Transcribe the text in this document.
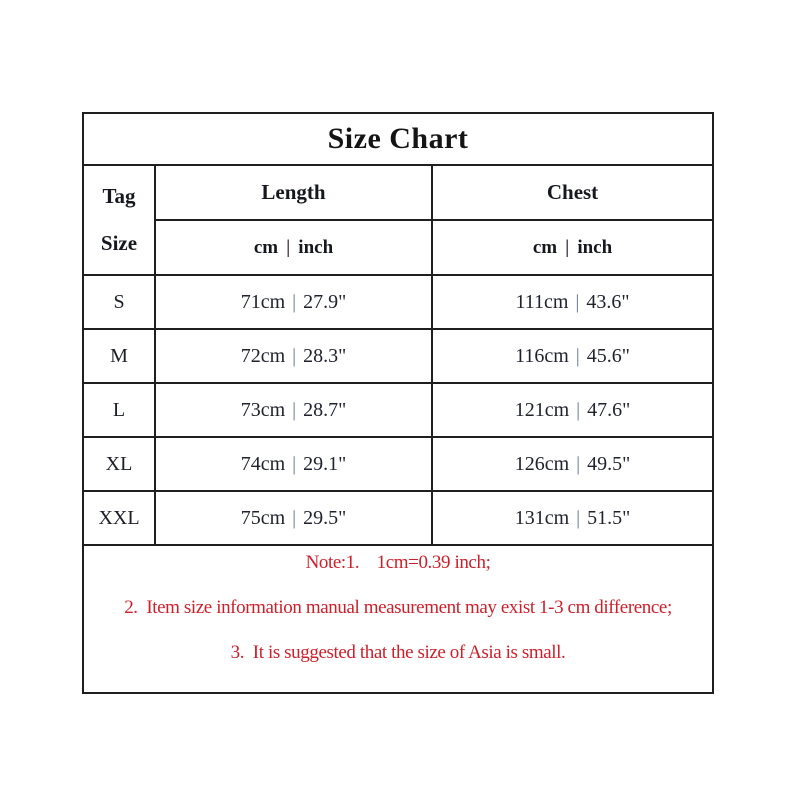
Size Chart		

Tag
Size	Length	Chest
	cm | inch	cm | inch
S	71cm | 27.9"	111cm | 43.6"
M	72cm | 28.3"	116cm | 45.6"
L	73cm | 28.7"	121cm | 47.6"
XL	74cm | 29.1"	126cm | 49.5"
XXL	75cm | 29.5"	131cm | 51.5"

Note:1.    1cm=0.39 inch;

2.  Item size information manual measurement may exist 1-3 cm difference;

3.  It is suggested that the size of Asia is small.		
